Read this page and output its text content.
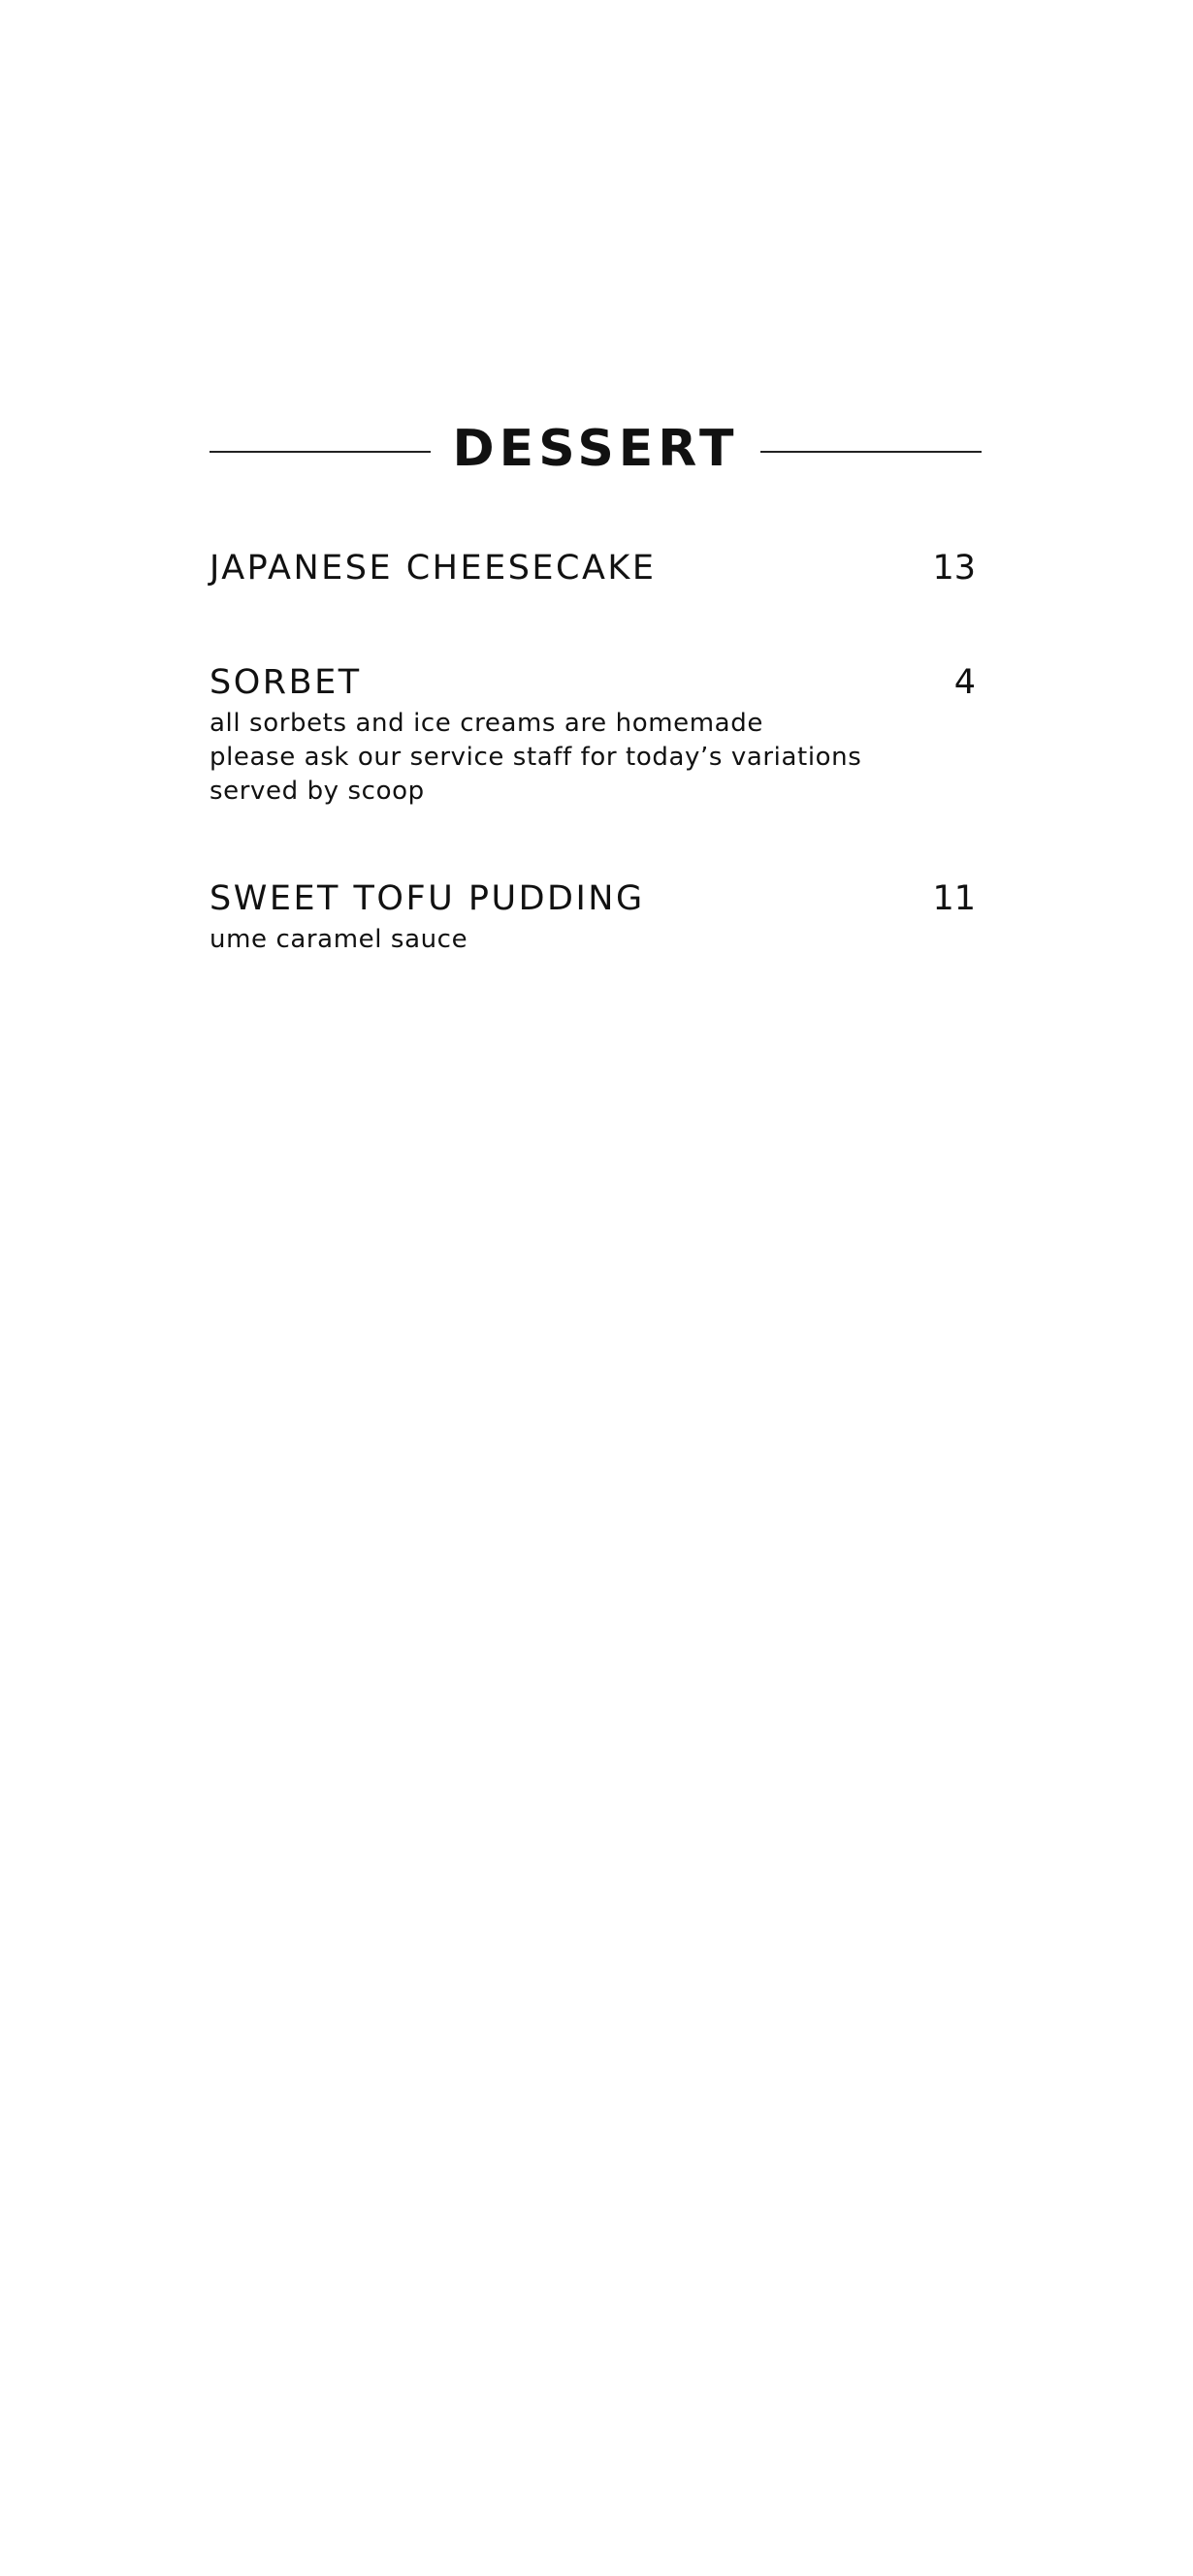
DESSERT
JAPANESE CHEESECAKE	13
SORBET	4
all sorbets and ice creams are homemade
please ask our service staff for today’s variations
served by scoop
SWEET TOFU PUDDING	11
ume caramel sauce
